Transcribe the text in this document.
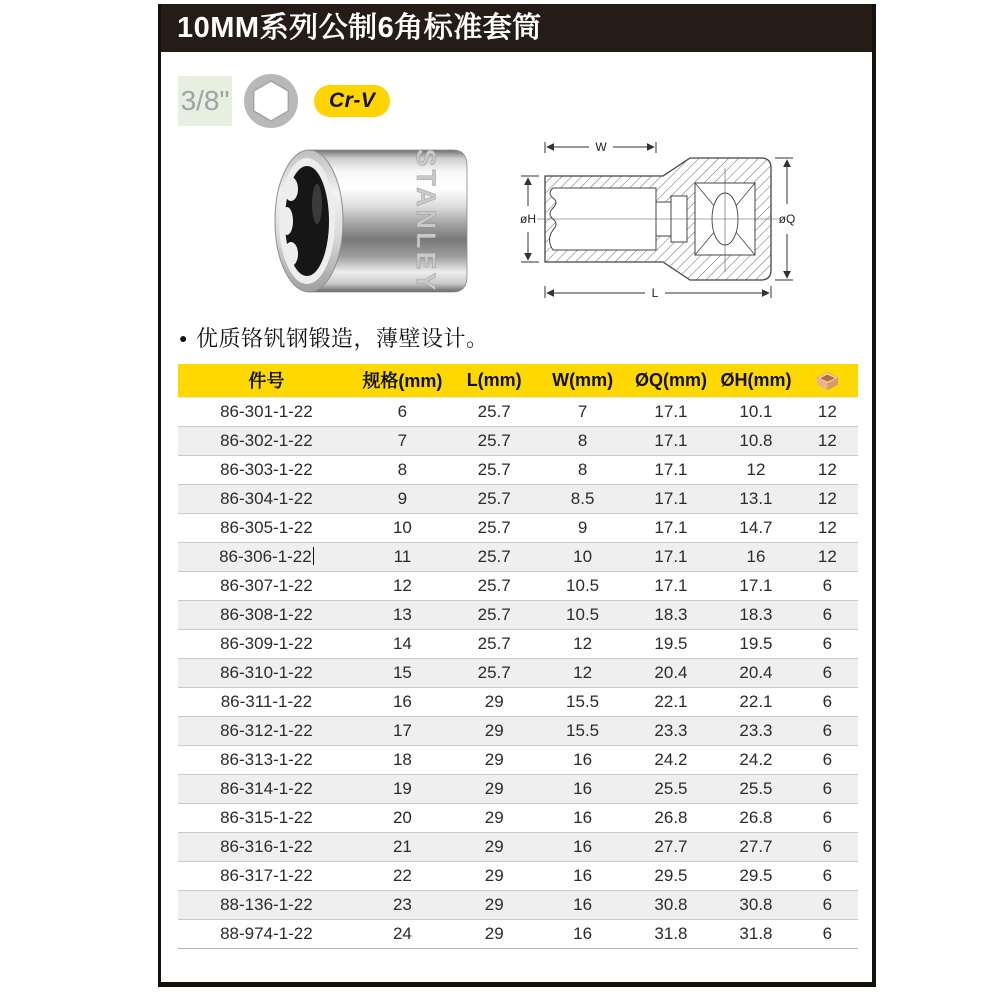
10MM系列公制6角标准套筒
3/8"	Cr-V
STANLEY
W
øH	øQ
L
● 优质铬钒钢锻造，薄壁设计。
件号	规格(mm)	L(mm)	W(mm)	ØQ(mm)	ØH(mm)	
86-301-1-22	6	25.7	7	17.1	10.1	12
86-302-1-22	7	25.7	8	17.1	10.8	12
86-303-1-22	8	25.7	8	17.1	12	12
86-304-1-22	9	25.7	8.5	17.1	13.1	12
86-305-1-22	10	25.7	9	17.1	14.7	12
86-306-1-22	11	25.7	10	17.1	16	12
86-307-1-22	12	25.7	10.5	17.1	17.1	6
86-308-1-22	13	25.7	10.5	18.3	18.3	6
86-309-1-22	14	25.7	12	19.5	19.5	6
86-310-1-22	15	25.7	12	20.4	20.4	6
86-311-1-22	16	29	15.5	22.1	22.1	6
86-312-1-22	17	29	15.5	23.3	23.3	6
86-313-1-22	18	29	16	24.2	24.2	6
86-314-1-22	19	29	16	25.5	25.5	6
86-315-1-22	20	29	16	26.8	26.8	6
86-316-1-22	21	29	16	27.7	27.7	6
86-317-1-22	22	29	16	29.5	29.5	6
88-136-1-22	23	29	16	30.8	30.8	6
88-974-1-22	24	29	16	31.8	31.8	6
